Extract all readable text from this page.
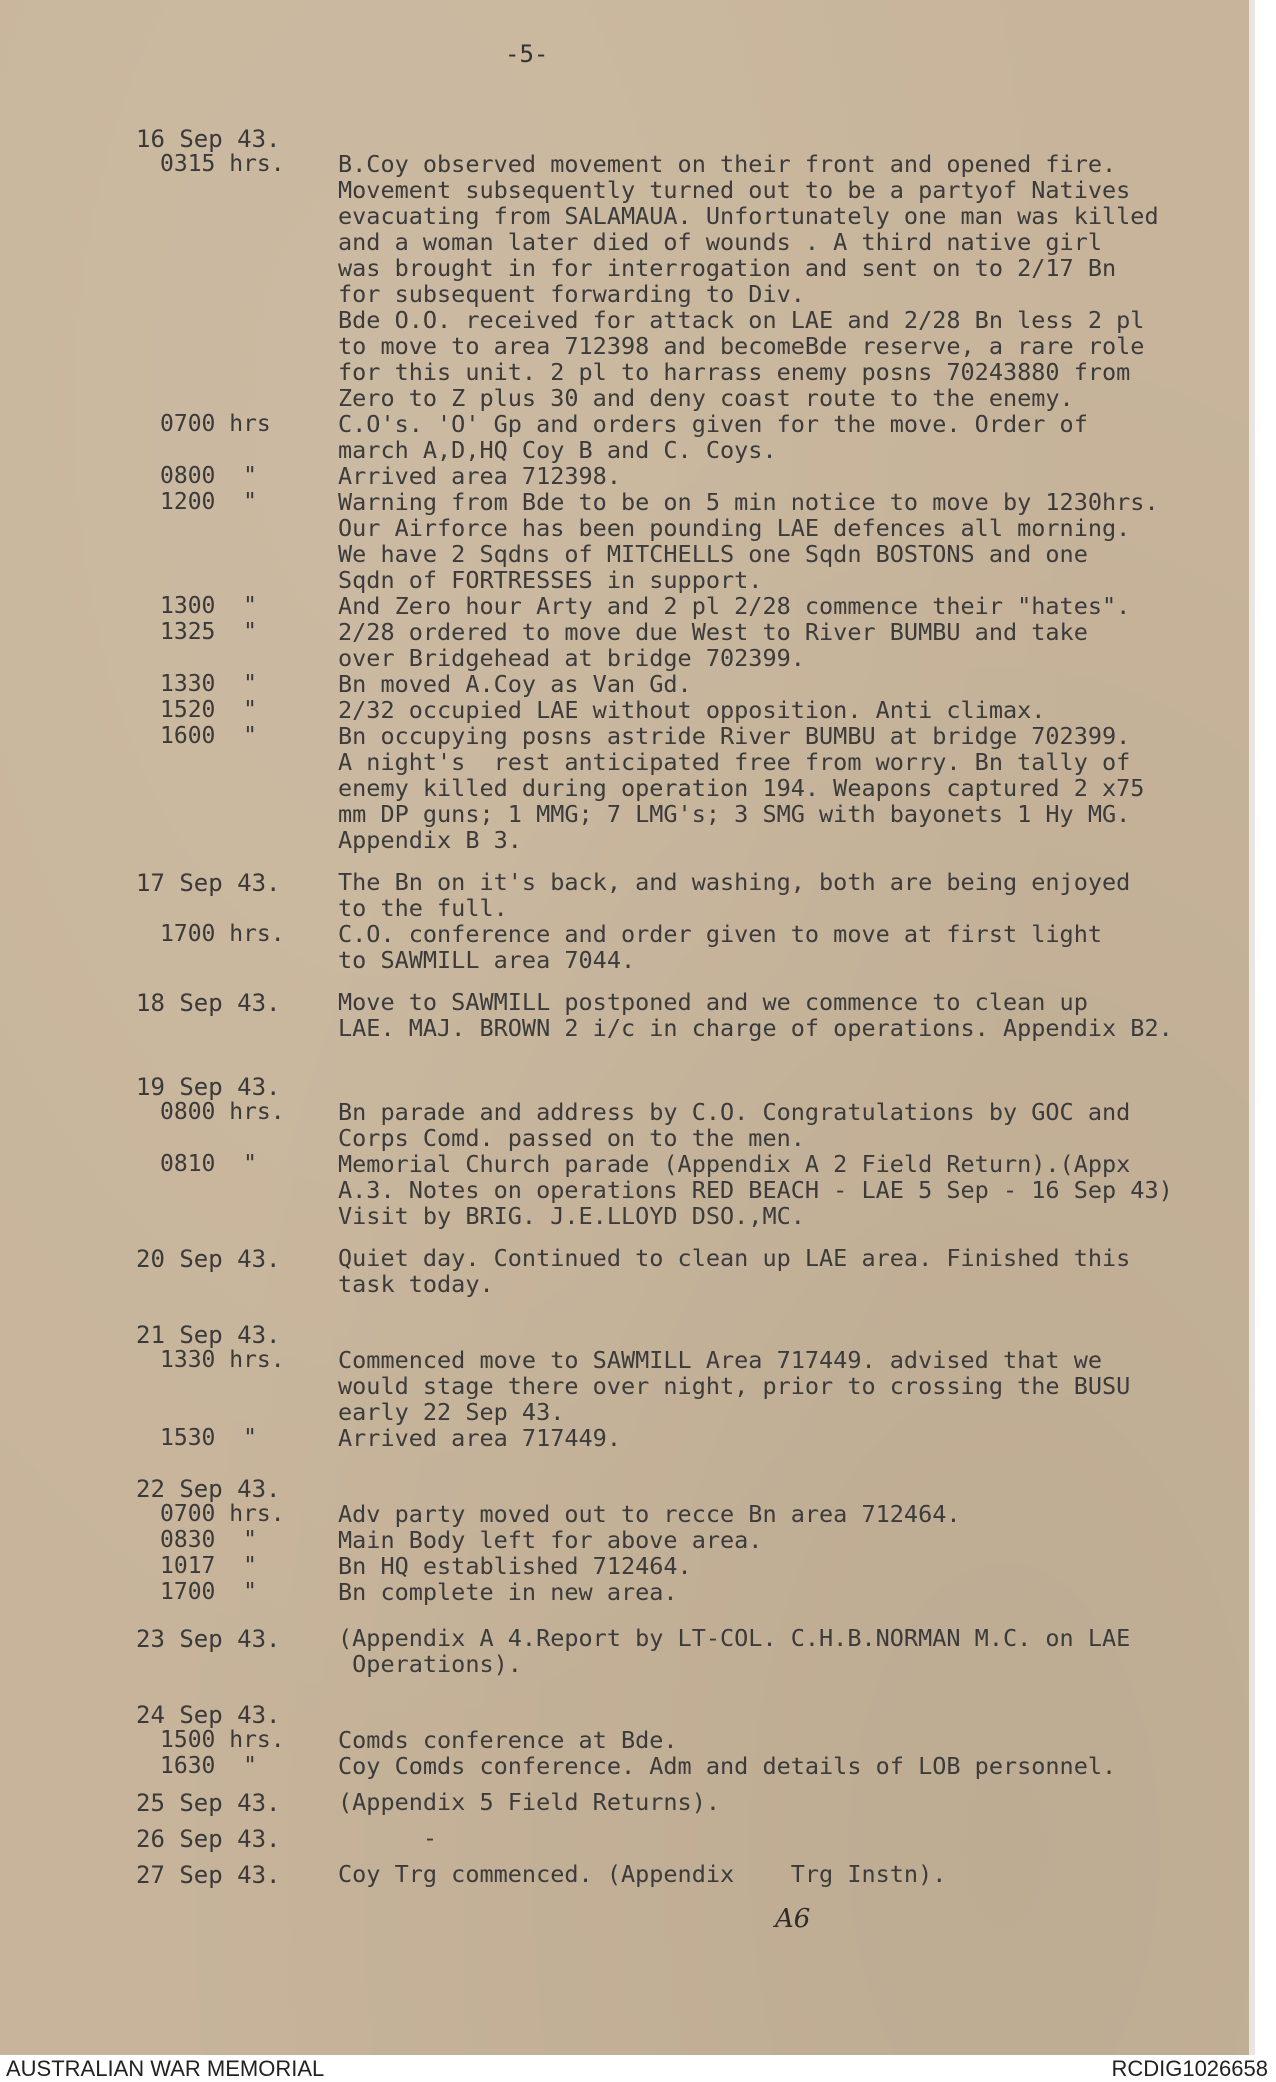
-5-
16 Sep 43.
0315 hrs. B.Coy observed movement on their front and opened fire.
Movement subsequently turned out to be a partyof Natives
evacuating from SALAMAUA. Unfortunately one man was killed
and a woman later died of wounds . A third native girl
was brought in for interrogation and sent on to 2/17 Bn
for subsequent forwarding to Div.
Bde O.O. received for attack on LAE and 2/28 Bn less 2 pl
to move to area 712398 and becomeBde reserve, a rare role
for this unit. 2 pl to harrass enemy posns 70243880 from
Zero to Z plus 30 and deny coast route to the enemy.
0700 hrs	C.O's. 'O' Gp and orders given for the move. Order of
march A,D,HQ Coy B and C. Coys.
0800  "	Arrived area 712398.
1200  "	Warning from Bde to be on 5 min notice to move by 1230hrs.
Our Airforce has been pounding LAE defences all morning.
We have 2 Sqdns of MITCHELLS one Sqdn BOSTONS and one
Sqdn of FORTRESSES in support.
1300  "	And Zero hour Arty and 2 pl 2/28 commence their "hates".
1325  "	2/28 ordered to move due West to River BUMBU and take
over Bridgehead at bridge 702399.
1330  "	Bn moved A.Coy as Van Gd.
1520  "	2/32 occupied LAE without opposition. Anti climax.
1600  "	Bn occupying posns astride River BUMBU at bridge 702399.
A night's  rest anticipated free from worry. Bn tally of
enemy killed during operation 194. Weapons captured 2 x75
mm DP guns; 1 MMG; 7 LMG's; 3 SMG with bayonets 1 Hy MG.
Appendix B 3.
17 Sep 43. The Bn on it's back, and washing, both are being enjoyed
to the full.
1700 hrs. C.O. conference and order given to move at first light
to SAWMILL area 7044.
18 Sep 43. Move to SAWMILL postponed and we commence to clean up
LAE. MAJ. BROWN 2 i/c in charge of operations. Appendix B2.
19 Sep 43.
0800 hrs. Bn parade and address by C.O. Congratulations by GOC and
Corps Comd. passed on to the men.
0810  "	Memorial Church parade (Appendix A 2 Field Return).(Appx
A.3. Notes on operations RED BEACH - LAE 5 Sep - 16 Sep 43)
Visit by BRIG. J.E.LLOYD DSO.,MC.
20 Sep 43. Quiet day. Continued to clean up LAE area. Finished this
task today.
21 Sep 43.
1330 hrs. Commenced move to SAWMILL Area 717449. advised that we
would stage there over night, prior to crossing the BUSU
early 22 Sep 43.
1530  "	Arrived area 717449.
22 Sep 43.
0700 hrs. Adv party moved out to recce Bn area 712464.
0830  "	Main Body left for above area.
1017  "	Bn HQ established 712464.
1700  "	Bn complete in new area.
23 Sep 43. (Appendix A 4.Report by LT-COL. C.H.B.NORMAN M.C. on LAE
Operations).
24 Sep 43.
1500 hrs. Comds conference at Bde.
1630  "	Coy Comds conference. Adm and details of LOB personnel.
25 Sep 43. (Appendix 5 Field Returns).
26 Sep 43. -
27 Sep 43. Coy Trg commenced. (Appendix    Trg Instn).
A6
AUSTRALIAN WAR MEMORIAL	RCDIG1026658
